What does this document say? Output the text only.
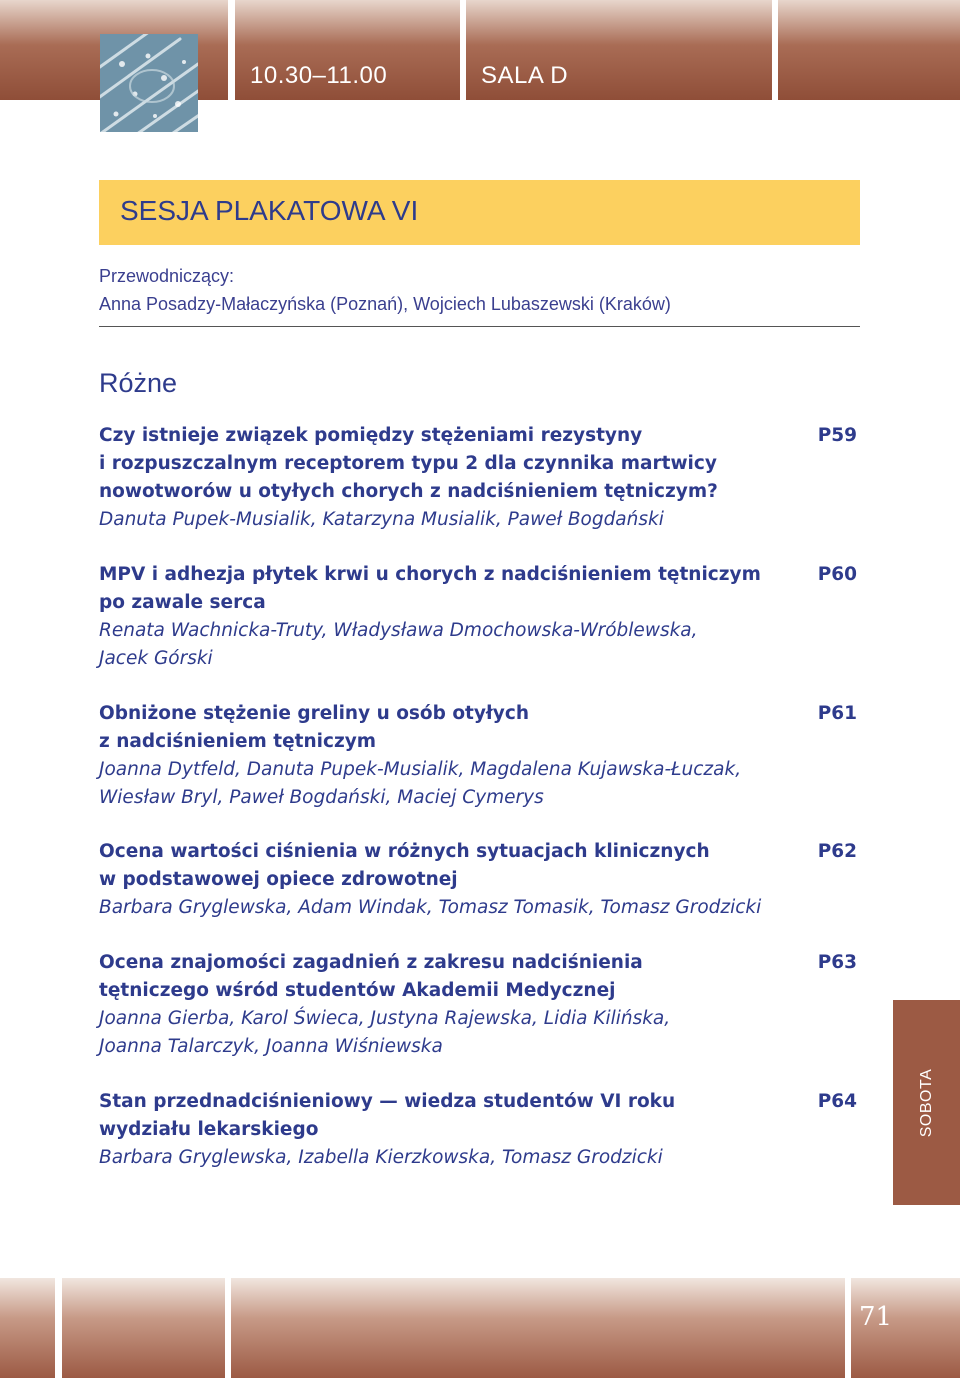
10.30–11.00	SALA D
SESJA PLAKATOWA VI
Przewodniczący:
Anna Posadzy-Małaczyńska (Poznań), Wojciech Lubaszewski (Kraków)
Różne
P59
Czy istnieje związek pomiędzy stężeniami rezystyny
i rozpuszczalnym receptorem typu 2 dla czynnika martwicy
nowotworów u otyłych chorych z nadciśnieniem tętniczym?
Danuta Pupek-Musialik, Katarzyna Musialik, Paweł Bogdański
P60
MPV i adhezja płytek krwi u chorych z nadciśnieniem tętniczym
po zawale serca
Renata Wachnicka-Truty, Władysława Dmochowska-Wróblewska,
Jacek Górski
P61
Obniżone stężenie greliny u osób otyłych
z nadciśnieniem tętniczym
Joanna Dytfeld, Danuta Pupek-Musialik, Magdalena Kujawska-Łuczak,
Wiesław Bryl, Paweł Bogdański, Maciej Cymerys
P62
Ocena wartości ciśnienia w różnych sytuacjach klinicznych
w podstawowej opiece zdrowotnej
Barbara Gryglewska, Adam Windak, Tomasz Tomasik, Tomasz Grodzicki
P63
Ocena znajomości zagadnień z zakresu nadciśnienia
tętniczego wśród studentów Akademii Medycznej
Joanna Gierba, Karol Świeca, Justyna Rajewska, Lidia Kilińska,
Joanna Talarczyk, Joanna Wiśniewska
P64
Stan przednadciśnieniowy — wiedza studentów VI roku
wydziału lekarskiego
Barbara Gryglewska, Izabella Kierzkowska, Tomasz Grodzicki
SOBOTA
71
